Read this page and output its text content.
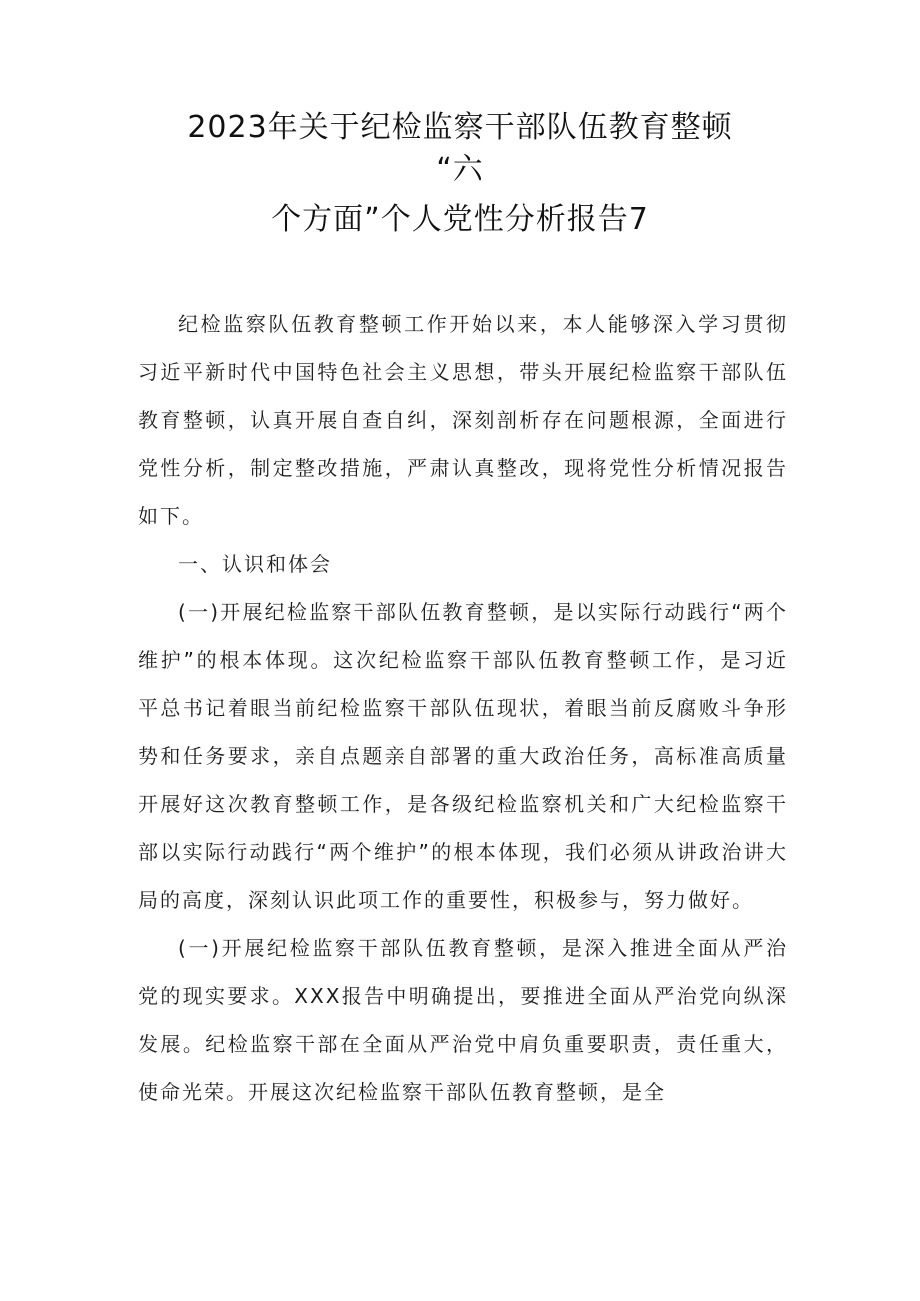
2023年关于纪检监察干部队伍教育整顿
“六
个方面”个人党性分析报告7

纪检监察队伍教育整顿工作开始以来，本人能够深入学习贯彻习近平新时代中国特色社会主义思想，带头开展纪检监察干部队伍教育整顿，认真开展自查自纠，深刻剖析存在问题根源，全面进行党性分析，制定整改措施，严肃认真整改，现将党性分析情况报告如下。

一、认识和体会

(一)开展纪检监察干部队伍教育整顿，是以实际行动践行“两个维护”的根本体现。这次纪检监察干部队伍教育整顿工作，是习近平总书记着眼当前纪检监察干部队伍现状，着眼当前反腐败斗争形势和任务要求，亲自点题亲自部署的重大政治任务，高标准高质量开展好这次教育整顿工作，是各级纪检监察机关和广大纪检监察干部以实际行动践行“两个维护”的根本体现，我们必须从讲政治讲大局的高度，深刻认识此项工作的重要性，积极参与，努力做好。

(一)开展纪检监察干部队伍教育整顿，是深入推进全面从严治党的现实要求。XXX报告中明确提出，要推进全面从严治党向纵深发展。纪检监察干部在全面从严治党中肩负重要职责，责任重大，使命光荣。开展这次纪检监察干部队伍教育整顿，是全
